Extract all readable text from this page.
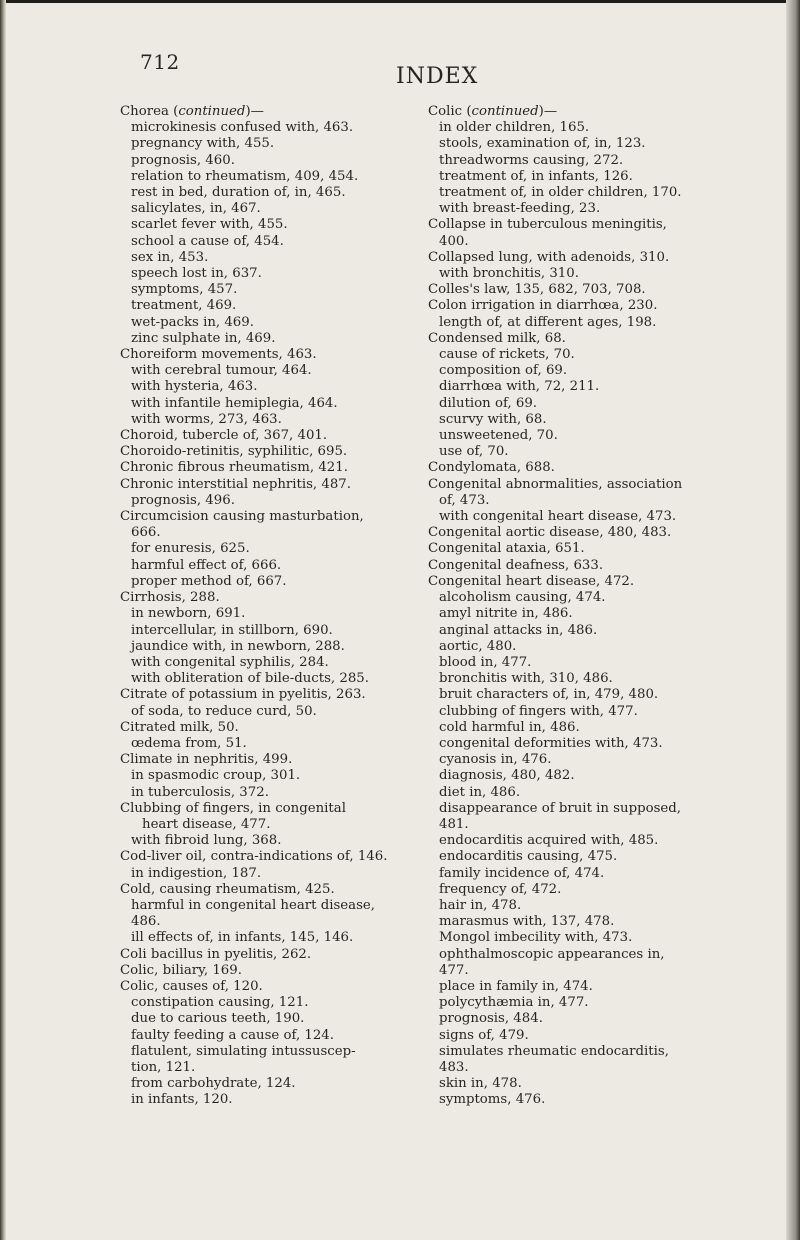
712
INDEX
Chorea (continued)—
microkinesis confused with, 463.
pregnancy with, 455.
prognosis, 460.
relation to rheumatism, 409, 454.
rest in bed, duration of, in, 465.
salicylates, in, 467.
scarlet fever with, 455.
school a cause of, 454.
sex in, 453.
speech lost in, 637.
symptoms, 457.
treatment, 469.
wet-packs in, 469.
zinc sulphate in, 469.
Choreiform movements, 463.
with cerebral tumour, 464.
with hysteria, 463.
with infantile hemiplegia, 464.
with worms, 273, 463.
Choroid, tubercle of, 367, 401.
Choroido-retinitis, syphilitic, 695.
Chronic fibrous rheumatism, 421.
Chronic interstitial nephritis, 487.
prognosis, 496.
Circumcision causing masturbation,
666.
for enuresis, 625.
harmful effect of, 666.
proper method of, 667.
Cirrhosis, 288.
in newborn, 691.
intercellular, in stillborn, 690.
jaundice with, in newborn, 288.
with congenital syphilis, 284.
with obliteration of bile-ducts, 285.
Citrate of potassium in pyelitis, 263.
of soda, to reduce curd, 50.
Citrated milk, 50.
œdema from, 51.
Climate in nephritis, 499.
in spasmodic croup, 301.
in tuberculosis, 372.
Clubbing of fingers, in congenital
heart disease, 477.
with fibroid lung, 368.
Cod-liver oil, contra-indications of, 146.
in indigestion, 187.
Cold, causing rheumatism, 425.
harmful in congenital heart disease,
486.
ill effects of, in infants, 145, 146.
Coli bacillus in pyelitis, 262.
Colic, biliary, 169.
Colic, causes of, 120.
constipation causing, 121.
due to carious teeth, 190.
faulty feeding a cause of, 124.
flatulent, simulating intussuscep-
tion, 121.
from carbohydrate, 124.
in infants, 120.
Colic (continued)—
in older children, 165.
stools, examination of, in, 123.
threadworms causing, 272.
treatment of, in infants, 126.
treatment of, in older children, 170.
with breast-feeding, 23.
Collapse in tuberculous meningitis,
400.
Collapsed lung, with adenoids, 310.
with bronchitis, 310.
Colles's law, 135, 682, 703, 708.
Colon irrigation in diarrhœa, 230.
length of, at different ages, 198.
Condensed milk, 68.
cause of rickets, 70.
composition of, 69.
diarrhœa with, 72, 211.
dilution of, 69.
scurvy with, 68.
unsweetened, 70.
use of, 70.
Condylomata, 688.
Congenital abnormalities, association
of, 473.
with congenital heart disease, 473.
Congenital aortic disease, 480, 483.
Congenital ataxia, 651.
Congenital deafness, 633.
Congenital heart disease, 472.
alcoholism causing, 474.
amyl nitrite in, 486.
anginal attacks in, 486.
aortic, 480.
blood in, 477.
bronchitis with, 310, 486.
bruit characters of, in, 479, 480.
clubbing of fingers with, 477.
cold harmful in, 486.
congenital deformities with, 473.
cyanosis in, 476.
diagnosis, 480, 482.
diet in, 486.
disappearance of bruit in supposed,
481.
endocarditis acquired with, 485.
endocarditis causing, 475.
family incidence of, 474.
frequency of, 472.
hair in, 478.
marasmus with, 137, 478.
Mongol imbecility with, 473.
ophthalmoscopic appearances in,
477.
place in family in, 474.
polycythæmia in, 477.
prognosis, 484.
signs of, 479.
simulates rheumatic endocarditis,
483.
skin in, 478.
symptoms, 476.
